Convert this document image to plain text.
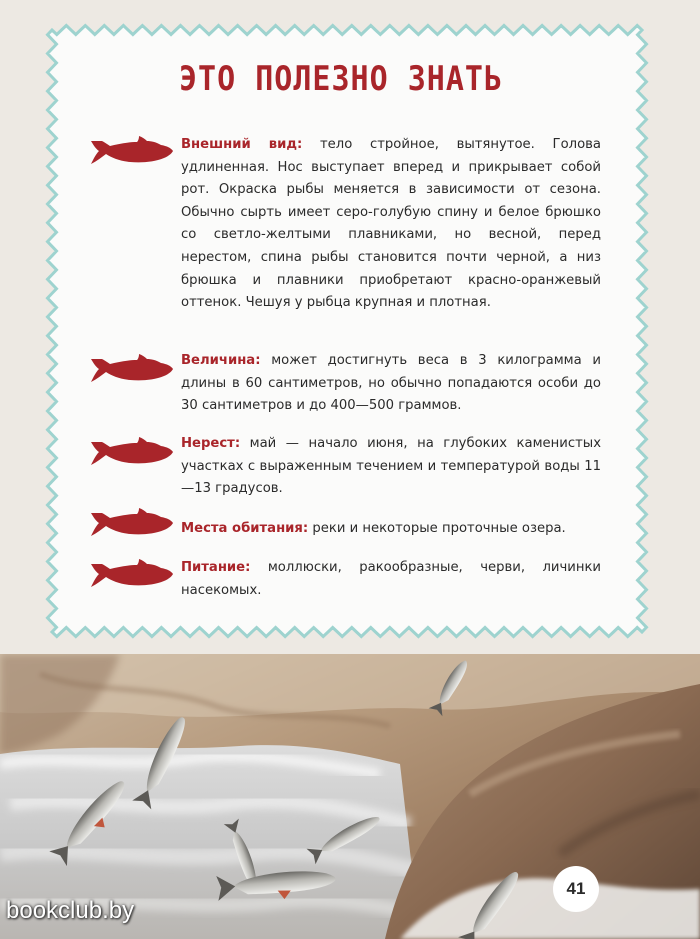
ЭТО ПОЛЕЗНО ЗНАТЬ

Внешний вид: тело стройное, вытянутое. Голова удлиненная. Нос выступает вперед и прикрывает собой рот. Окраска рыбы меняется в зависимости от сезона. Обычно сырть имеет серо-голубую спину и белое брюшко со светло-желтыми плавниками, но весной, перед нерестом, спина рыбы становится почти черной, а низ брюшка и плавники приобретают красно-оранжевый оттенок. Чешуя у рыбца крупная и плотная.

Величина: может достигнуть веса в 3 килограмма и длины в 60 сантиметров, но обычно попадаются особи до 30 сантиметров и до 400—500 граммов.

Нерест: май — начало июня, на глубоких каменистых участках с выраженным течением и температурой воды 11—13 градусов.

Места обитания: реки и некоторые проточные озера.

Питание: моллюски, ракообразные, черви, личинки насекомых.

41
bookclub.by
